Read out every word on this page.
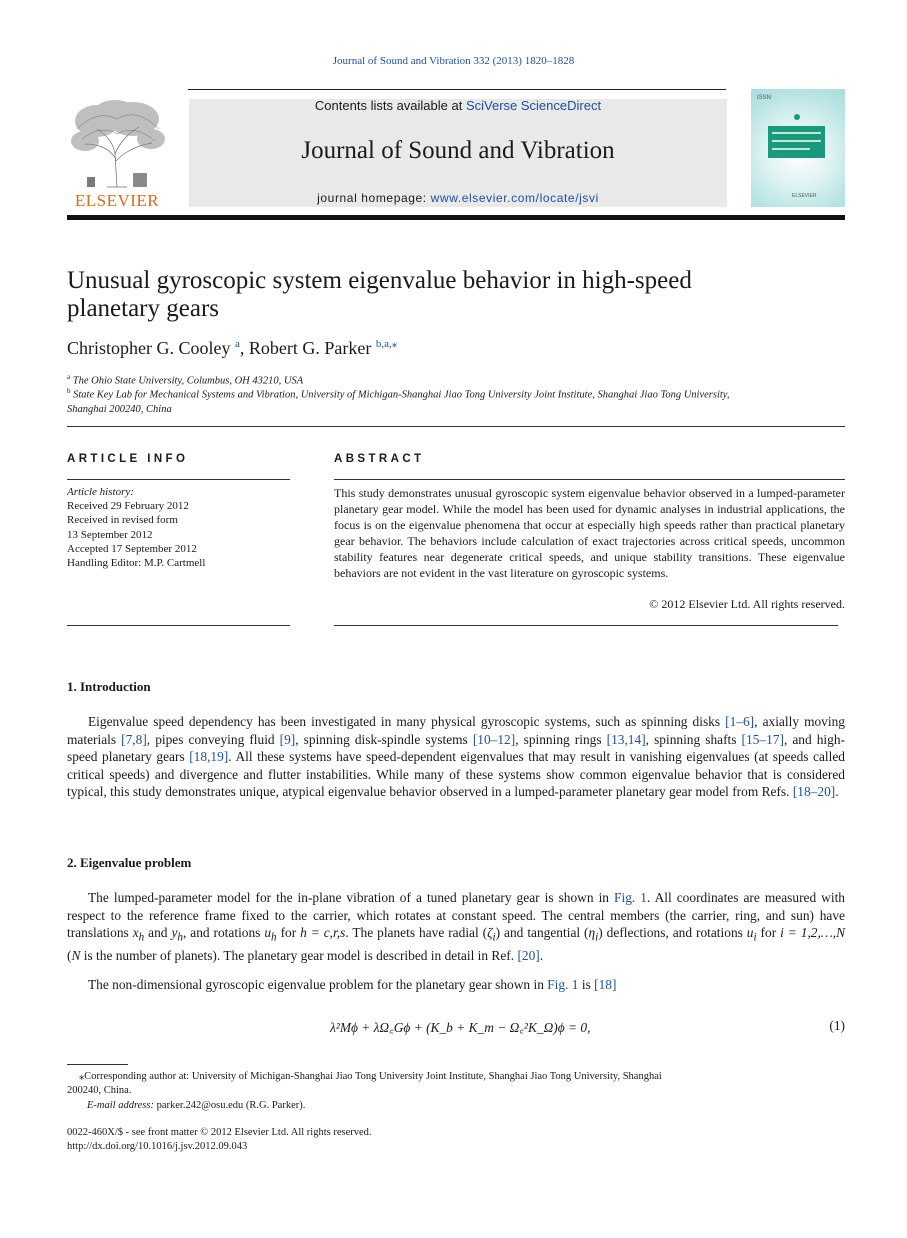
Journal of Sound and Vibration 332 (2013) 1820–1828
ELSEVIER
Contents lists available at SciVerse ScienceDirect
Journal of Sound and Vibration
journal homepage: www.elsevier.com/locate/jsvi
ISSN
ELSEVIER
Unusual gyroscopic system eigenvalue behavior in high-speed
planetary gears
Christopher G. Cooley $^a$, Robert G. Parker $^{b,a,⁎}$
$^a$ The Ohio State University, Columbus, OH 43210, USA
$^b$ State Key Lab for Mechanical Systems and Vibration, University of Michigan-Shanghai Jiao Tong University Joint Institute, Shanghai Jiao Tong University,
Shanghai 200240, China
ARTICLE INFO
Article history:
Received 29 February 2012
Received in revised form
13 September 2012
Accepted 17 September 2012
Handling Editor: M.P. Cartmell
ABSTRACT
This study demonstrates unusual gyroscopic system eigenvalue behavior observed in a lumped-parameter planetary gear model. While the model has been used for dynamic analyses in industrial applications, the focus is on the eigenvalue phenomena that occur at especially high speeds rather than practical planetary gear behavior. The behaviors include calculation of exact trajectories across critical speeds, uncommon stability features near degenerate critical speeds, and unique stability transitions. These eigenvalue behaviors are not evident in the vast literature on gyroscopic systems.
© 2012 Elsevier Ltd. All rights reserved.
1. Introduction
Eigenvalue speed dependency has been investigated in many physical gyroscopic systems, such as spinning disks [1–6], axially moving materials [7,8], pipes conveying fluid [9], spinning disk-spindle systems [10–12], spinning rings [13,14], spinning shafts [15–17], and high-speed planetary gears [18,19]. All these systems have speed-dependent eigenvalues that may result in vanishing eigenvalues (at speeds called critical speeds) and divergence and flutter instabilities. While many of these systems show common eigenvalue behavior that is considered typical, this study demonstrates unique, atypical eigenvalue behavior observed in a lumped-parameter planetary gear model from Refs. [18–20].
2. Eigenvalue problem
The lumped-parameter model for the in-plane vibration of a tuned planetary gear is shown in Fig. 1. All coordinates are measured with respect to the reference frame fixed to the carrier, which rotates at constant speed. The central members (the carrier, ring, and sun) have translations $x_h$ and $y_h$, and rotations $u_h$ for h = c,r,s. The planets have radial $(\zeta_i)$ and tangential $(\eta_i)$ deflections, and rotations $u_i$ for i = 1,2,…,N (N is the number of planets). The planetary gear model is described in detail in Ref. [20].
The non-dimensional gyroscopic eigenvalue problem for the planetary gear shown in Fig. 1 is [18]
λ²Mϕ + λΩ꜀Gϕ + (K_b + K_m − Ω꜀²K_Ω)ϕ = 0,	(1)
⁎Corresponding author at: University of Michigan-Shanghai Jiao Tong University Joint Institute, Shanghai Jiao Tong University, Shanghai
200240, China.
E-mail address: parker.242@osu.edu (R.G. Parker).
0022-460X/$ - see front matter © 2012 Elsevier Ltd. All rights reserved.
http://dx.doi.org/10.1016/j.jsv.2012.09.043
